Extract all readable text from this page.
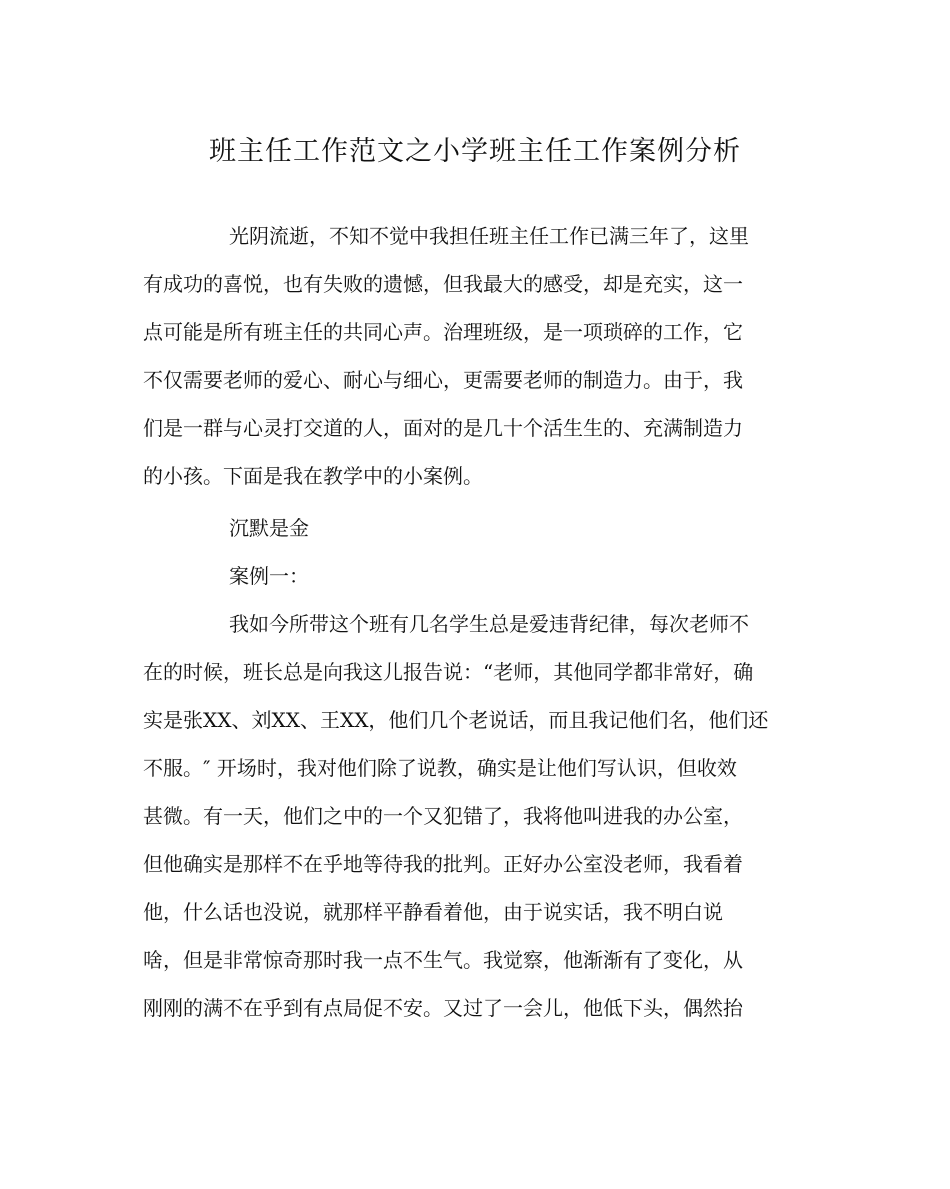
班主任工作范文之小学班主任工作案例分析

光阴流逝，不知不觉中我担任班主任工作已满三年了，这里

有成功的喜悦，也有失败的遗憾，但我最大的感受，却是充实，这一

点可能是所有班主任的共同心声。治理班级，是一项琐碎的工作，它

不仅需要老师的爱心、耐心与细心，更需要老师的制造力。由于，我

们是一群与心灵打交道的人，面对的是几十个活生生的、充满制造力

的小孩。下面是我在教学中的小案例。

沉默是金

案例一：

我如今所带这个班有几名学生总是爱违背纪律，每次老师不

在的时候，班长总是向我这儿报告说：“老师，其他同学都非常好，确

实是张XX、刘XX、王XX，他们几个老说话，而且我记他们名，他们还

不服。″ 开场时，我对他们除了说教，确实是让他们写认识，但收效

甚微。有一天，他们之中的一个又犯错了，我将他叫进我的办公室，

但他确实是那样不在乎地等待我的批判。正好办公室没老师，我看着

他，什么话也没说，就那样平静看着他，由于说实话，我不明白说

啥，但是非常惊奇那时我一点不生气。我觉察，他渐渐有了变化，从

刚刚的满不在乎到有点局促不安。又过了一会儿，他低下头，偶然抬
